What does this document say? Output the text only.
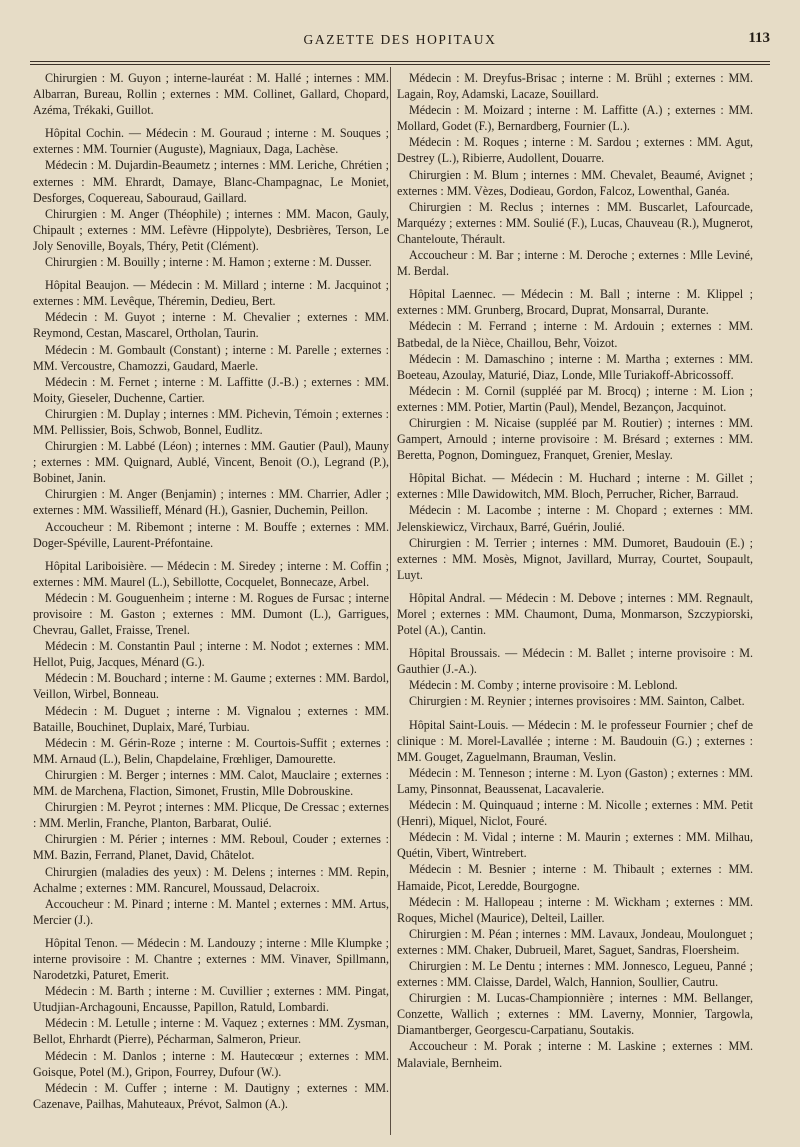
GAZETTE DES HOPITAUX	113

Chirurgien : M. Guyon ; interne-lauréat : M. Hallé ; internes : MM. Albarran, Bureau, Rollin ; externes : MM. Collinet, Gallard, Chopard, Azéma, Trékaki, Guillot.

Hôpital Cochin. — Médecin : M. Gouraud ; interne : M. Souques ; externes : MM. Tournier (Auguste), Magniaux, Daga, Lachèse.

Médecin : M. Dujardin-Beaumetz ; internes : MM. Leriche, Chrétien ; externes : MM. Ehrardt, Damaye, Blanc-Champagnac, Le Moniet, Desforges, Coquereau, Sabouraud, Gaillard.

Chirurgien : M. Anger (Théophile) ; internes : MM. Macon, Gauly, Chipault ; externes : MM. Lefèvre (Hippolyte), Desbrières, Terson, Le Joly Senoville, Boyals, Théry, Petit (Clément).

Chirurgien : M. Bouilly ; interne : M. Hamon ; externe : M. Dusser.

Hôpital Beaujon. — Médecin : M. Millard ; interne : M. Jacquinot ; externes : MM. Levêque, Théremin, Dedieu, Bert.

Médecin : M. Guyot ; interne : M. Chevalier ; externes : MM. Reymond, Cestan, Mascarel, Ortholan, Taurin.

Médecin : M. Gombault (Constant) ; interne : M. Parelle ; externes : MM. Vercoustre, Chamozzi, Gaudard, Maerle.

Médecin : M. Fernet ; interne : M. Laffitte (J.-B.) ; externes : MM. Moity, Gieseler, Duchenne, Cartier.

Chirurgien : M. Duplay ; internes : MM. Pichevin, Témoin ; externes : MM. Pellissier, Bois, Schwob, Bonnel, Eudlitz.

Chirurgien : M. Labbé (Léon) ; internes : MM. Gautier (Paul), Mauny ; externes : MM. Quignard, Aublé, Vincent, Benoit (O.), Legrand (P.), Bobinet, Janin.

Chirurgien : M. Anger (Benjamin) ; internes : MM. Charrier, Adler ; externes : MM. Wassilieff, Ménard (H.), Gasnier, Duchemin, Peillon.

Accoucheur : M. Ribemont ; interne : M. Bouffe ; externes : MM. Doger-Spéville, Laurent-Préfontaine.

Hôpital Lariboisière. — Médecin : M. Siredey ; interne : M. Coffin ; externes : MM. Maurel (L.), Sebillotte, Cocquelet, Bonnecaze, Arbel.

Médecin : M. Gouguenheim ; interne : M. Rogues de Fursac ; interne provisoire : M. Gaston ; externes : MM. Dumont (L.), Garrigues, Chevrau, Gallet, Fraisse, Trenel.

Médecin : M. Constantin Paul ; interne : M. Nodot ; externes : MM. Hellot, Puig, Jacques, Ménard (G.).

Médecin : M. Bouchard ; interne : M. Gaume ; externes : MM. Bardol, Veillon, Wirbel, Bonneau.

Médecin : M. Duguet ; interne : M. Vignalou ; externes : MM. Bataille, Bouchinet, Duplaix, Maré, Turbiau.

Médecin : M. Gérin-Roze ; interne : M. Courtois-Suffit ; externes : MM. Arnaud (L.), Belin, Chapdelaine, Frœhliger, Damourette.

Chirurgien : M. Berger ; internes : MM. Calot, Mauclaire ; externes : MM. de Marchena, Flaction, Simonet, Frustin, Mlle Dobrouskine.

Chirurgien : M. Peyrot ; internes : MM. Plicque, De Cressac ; externes : MM. Merlin, Franche, Planton, Barbarat, Oulié.

Chirurgien : M. Périer ; internes : MM. Reboul, Couder ; externes : MM. Bazin, Ferrand, Planet, David, Châtelot.

Chirurgien (maladies des yeux) : M. Delens ; internes : MM. Repin, Achalme ; externes : MM. Rancurel, Moussaud, Delacroix.

Accoucheur : M. Pinard ; interne : M. Mantel ; externes : MM. Artus, Mercier (J.).

Hôpital Tenon. — Médecin : M. Landouzy ; interne : Mlle Klumpke ; interne provisoire : M. Chantre ; externes : MM. Vinaver, Spillmann, Narodetzki, Paturet, Emerit.

Médecin : M. Barth ; interne : M. Cuvillier ; externes : MM. Pingat, Utudjian-Archagouni, Encausse, Papillon, Ratuld, Lombardi.

Médecin : M. Letulle ; interne : M. Vaquez ; externes : MM. Zysman, Bellot, Ehrhardt (Pierre), Pécharman, Salmeron, Prieur.

Médecin : M. Danlos ; interne : M. Hautecœur ; externes : MM. Goisque, Potel (M.), Gripon, Fourrey, Dufour (W.).

Médecin : M. Cuffer ; interne : M. Dautigny ; externes : MM. Cazenave, Pailhas, Mahuteaux, Prévot, Salmon (A.).

Médecin : M. Dreyfus-Brisac ; interne : M. Brühl ; externes : MM. Lagain, Roy, Adamski, Lacaze, Souillard.

Médecin : M. Moizard ; interne : M. Laffitte (A.) ; externes : MM. Mollard, Godet (F.), Bernardberg, Fournier (L.).

Médecin : M. Roques ; interne : M. Sardou ; externes : MM. Agut, Destrey (L.), Ribierre, Audollent, Douarre.

Chirurgien : M. Blum ; internes : MM. Chevalet, Beaumé, Avignet ; externes : MM. Vèzes, Dodieau, Gordon, Falcoz, Lowenthal, Ganéa.

Chirurgien : M. Reclus ; internes : MM. Buscarlet, Lafourcade, Marquézy ; externes : MM. Soulié (F.), Lucas, Chauveau (R.), Mugnerot, Chanteloute, Thérault.

Accoucheur : M. Bar ; interne : M. Deroche ; externes : Mlle Leviné, M. Berdal.

Hôpital Laennec. — Médecin : M. Ball ; interne : M. Klippel ; externes : MM. Grunberg, Brocard, Duprat, Monsarral, Durante.

Médecin : M. Ferrand ; interne : M. Ardouin ; externes : MM. Batbedal, de la Nièce, Chaillou, Behr, Voizot.

Médecin : M. Damaschino ; interne : M. Martha ; externes : MM. Boeteau, Azoulay, Maturié, Diaz, Londe, Mlle Turiakoff-Abricossoff.

Médecin : M. Cornil (suppléé par M. Brocq) ; interne : M. Lion ; externes : MM. Potier, Martin (Paul), Mendel, Bezançon, Jacquinot.

Chirurgien : M. Nicaise (suppléé par M. Routier) ; internes : MM. Gampert, Arnould ; interne provisoire : M. Brésard ; externes : MM. Beretta, Pognon, Dominguez, Franquet, Grenier, Meslay.

Hôpital Bichat. — Médecin : M. Huchard ; interne : M. Gillet ; externes : Mlle Dawidowitch, MM. Bloch, Perrucher, Richer, Barraud.

Médecin : M. Lacombe ; interne : M. Chopard ; externes : MM. Jelenskiewicz, Virchaux, Barré, Guérin, Joulié.

Chirurgien : M. Terrier ; internes : MM. Dumoret, Baudouin (E.) ; externes : MM. Mosès, Mignot, Javillard, Murray, Courtet, Soupault, Luyt.

Hôpital Andral. — Médecin : M. Debove ; internes : MM. Regnault, Morel ; externes : MM. Chaumont, Duma, Monmarson, Szczypiorski, Potel (A.), Cantin.

Hôpital Broussais. — Médecin : M. Ballet ; interne provisoire : M. Gauthier (J.-A.).

Médecin : M. Comby ; interne provisoire : M. Leblond.

Chirurgien : M. Reynier ; internes provisoires : MM. Sainton, Calbet.

Hôpital Saint-Louis. — Médecin : M. le professeur Fournier ; chef de clinique : M. Morel-Lavallée ; interne : M. Baudouin (G.) ; externes : MM. Gouget, Zaguelmann, Brauman, Veslin.

Médecin : M. Tenneson ; interne : M. Lyon (Gaston) ; externes : MM. Lamy, Pinsonnat, Beaussenat, Lacavalerie.

Médecin : M. Quinquaud ; interne : M. Nicolle ; externes : MM. Petit (Henri), Miquel, Niclot, Fouré.

Médecin : M. Vidal ; interne : M. Maurin ; externes : MM. Milhau, Quétin, Vibert, Wintrebert.

Médecin : M. Besnier ; interne : M. Thibault ; externes : MM. Hamaide, Picot, Leredde, Bourgogne.

Médecin : M. Hallopeau ; interne : M. Wickham ; externes : MM. Roques, Michel (Maurice), Delteil, Lailler.

Chirurgien : M. Péan ; internes : MM. Lavaux, Jondeau, Moulonguet ; externes : MM. Chaker, Dubrueil, Maret, Saguet, Sandras, Floersheim.

Chirurgien : M. Le Dentu ; internes : MM. Jonnesco, Legueu, Panné ; externes : MM. Claisse, Dardel, Walch, Hannion, Soullier, Cautru.

Chirurgien : M. Lucas-Championnière ; internes : MM. Bellanger, Conzette, Wallich ; externes : MM. Laverny, Monnier, Targowla, Diamantberger, Georgescu-Carpatianu, Soutakis.

Accoucheur : M. Porak ; interne : M. Laskine ; externes : MM. Malaviale, Bernheim.
